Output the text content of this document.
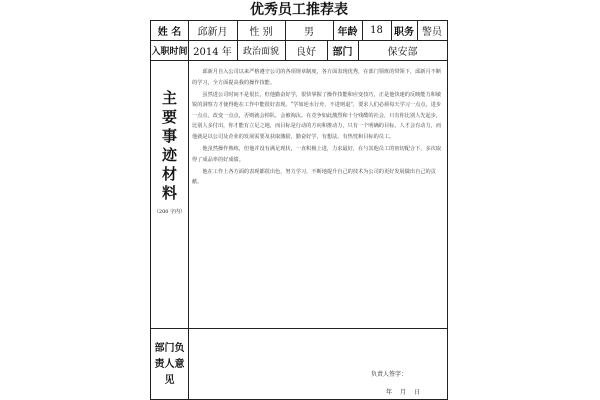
优秀员工推荐表
姓 名	邱新月	性 别	男	年龄	18	职务 警员
入职时间 2014 年	政治面貌	良好	部门	保安部
主
要
事
迹
材
料
（200 字内）

邱新月自入公司以来严格遵守公司的各项规章制度，各方面表现优秀，在部门领班的带领下，邱新月不断的学习，全方面提高我的操作技能。

虽然进公司时间不是很长，但他勤奋好学，很快掌握了操作技能和应变技巧，正是他快速的反映能力和敏锐的洞察力才使得他在工作中能很好表现。“学如逆水行舟，不进则退”，要求人们必须每天学习一点点，进步一点点，改变一点点，否则就会掉队，会被淘汰。在竞争如此激烈和十分残酷的社会，只有你比别人先起步，比别人多付出，你才能有立足之地，而目标是行动的方向和推动力，只有一个明确的目标，人才会有动力，而他就是以公司及企业的发展需要及获取激励，勤奋好学，有想法，有热忱和目标的员工。

他虽然操作熟练，但他并没有满足现状，一直积极上进，力求最好，在与其他员工的密切配合下，多次取得了成品率的好成绩。

他在工作上各方面的表现都很出色，努力学习，不断地提升自己的技术为公司的更好发展做出自己的贡献。

部门负
责人意
见
负责人签字：
年 月 日
